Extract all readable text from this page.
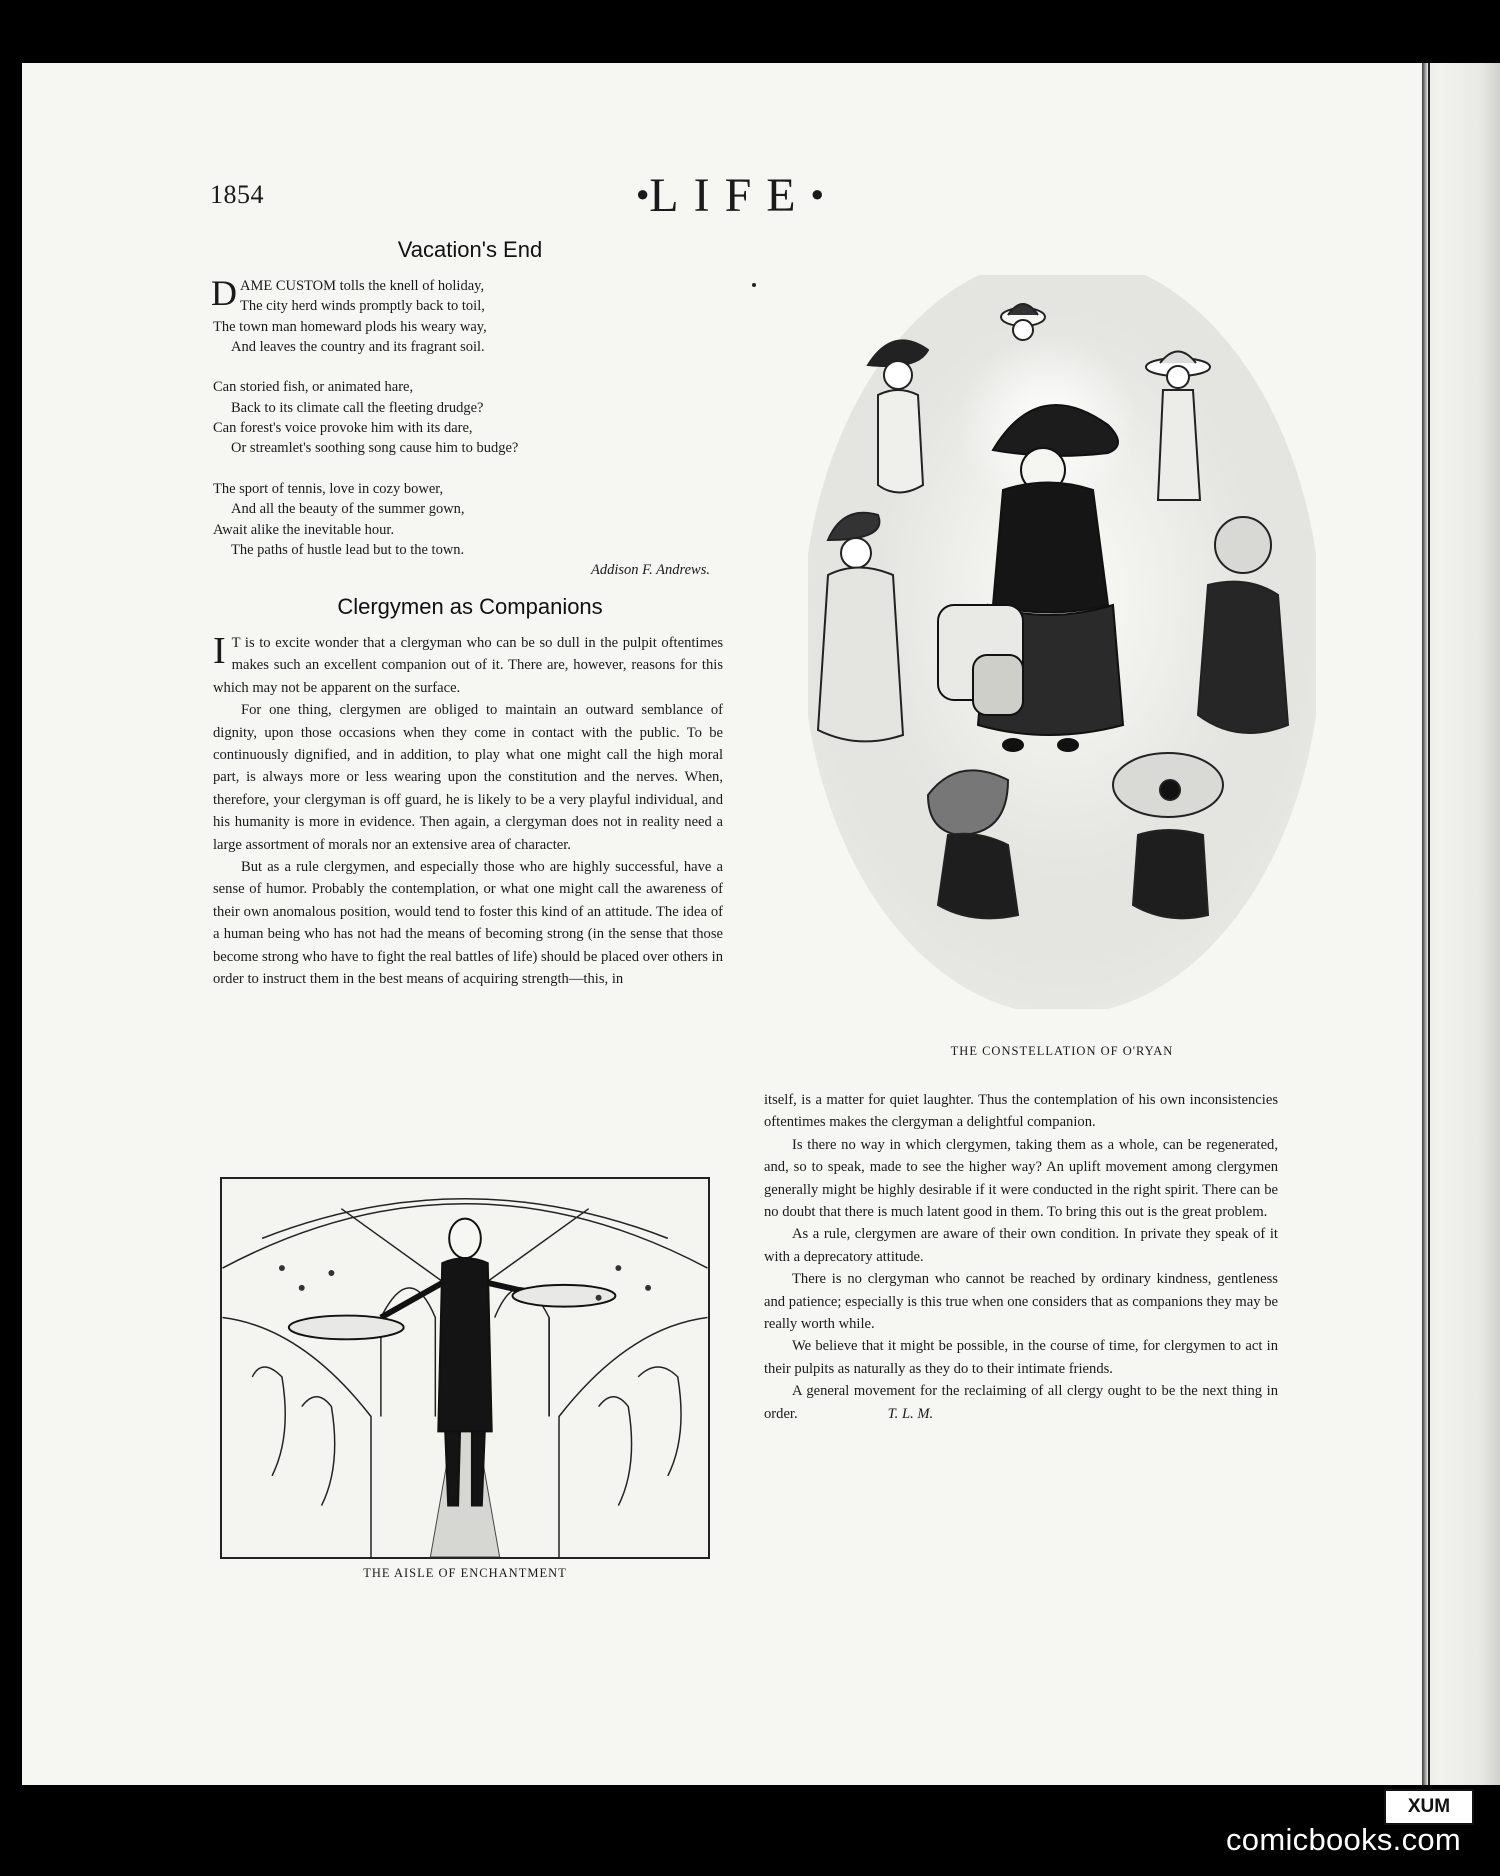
1854	●LIFE●
Vacation's End
DAME CUSTOM tolls the knell of holiday,
The city herd winds promptly back to toil,
The town man homeward plods his weary way,
And leaves the country and its fragrant soil.
Can storied fish, or animated hare,
Back to its climate call the fleeting drudge?
Can forest's voice provoke him with its dare,
Or streamlet's soothing song cause him to budge?
The sport of tennis, love in cozy bower,
And all the beauty of the summer gown,
Await alike the inevitable hour.
The paths of hustle lead but to the town.
Addison F. Andrews.
Clergymen as Companions

I T is to excite wonder that a clergyman who can be so dull in the pulpit oftentimes makes such an excellent companion out of it. There are, however, reasons for this which may not be apparent on the surface.

For one thing, clergymen are obliged to maintain an outward semblance of dignity, upon those occasions when they come in contact with the public. To be continuously dignified, and in addition, to play what one might call the high moral part, is always more or less wearing upon the constitution and the nerves. When, therefore, your clergyman is off guard, he is likely to be a very playful individual, and his humanity is more in evidence. Then again, a clergyman does not in reality need a large assortment of morals nor an extensive area of character.

But as a rule clergymen, and especially those who are highly successful, have a sense of humor. Probably the contemplation, or what one might call the awareness of their own anomalous position, would tend to foster this kind of an attitude. The idea of a human being who has not had the means of becoming strong (in the sense that those become strong who have to fight the real battles of life) should be placed over others in order to instruct them in the best means of acquiring strength—this, in

itself, is a matter for quiet laughter. Thus the contemplation of his own inconsistencies oftentimes makes the clergyman a delightful companion.

Is there no way in which clergymen, taking them as a whole, can be regenerated, and, so to speak, made to see the higher way? An uplift movement among clergymen generally might be highly desirable if it were conducted in the right spirit. There can be no doubt that there is much latent good in them. To bring this out is the great problem.

As a rule, clergymen are aware of their own condition. In private they speak of it with a deprecatory attitude.

There is no clergyman who cannot be reached by ordinary kindness, gentleness and patience; especially is this true when one considers that as companions they may be really worth while.

We believe that it might be possible, in the course of time, for clergymen to act in their pulpits as naturally as they do to their intimate friends.

A general movement for the reclaiming of all clergy ought to be the next thing in order.	T. L. M.

THE CONSTELLATION OF O'RYAN
THE AISLE OF ENCHANTMENT
XUM
comicbooks.com
